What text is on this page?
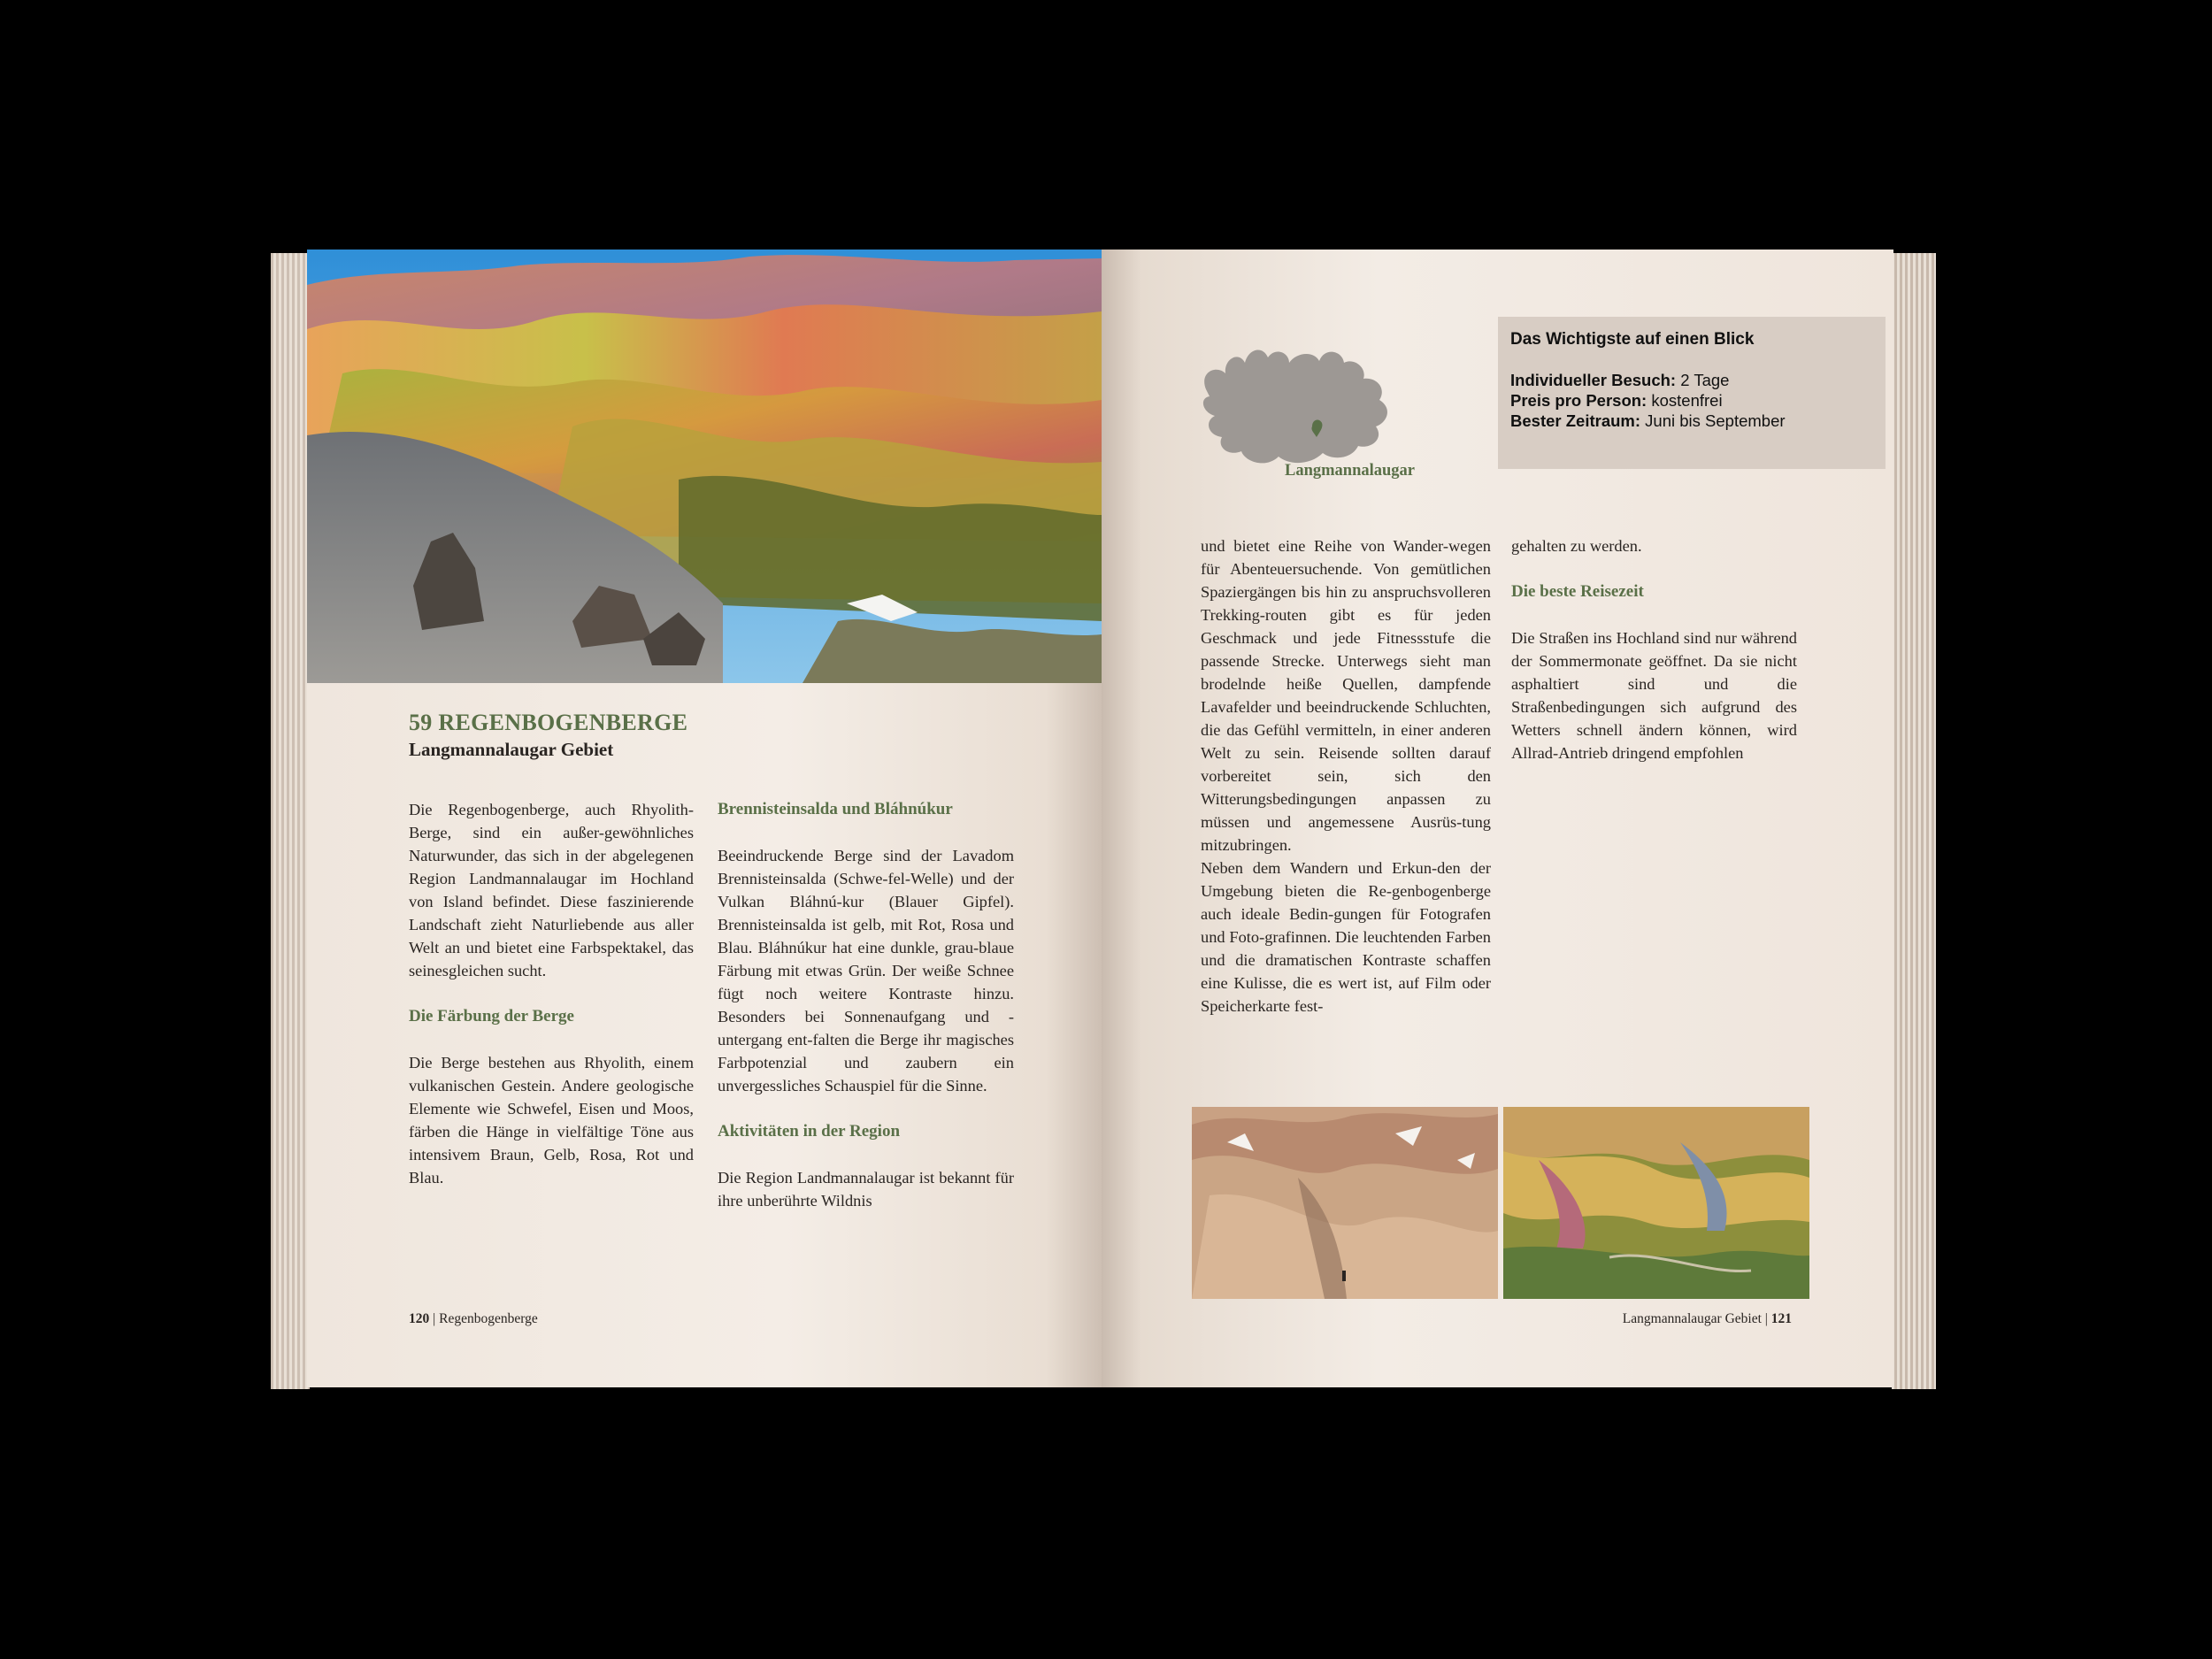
59 REGENBOGENBERGE
Langmannalaugar Gebiet

Die Regenbogenberge, auch Rhyolith-Berge, sind ein außer-gewöhnliches Naturwunder, das sich in der abgelegenen Region Landmannalaugar im Hochland von Island befindet. Diese faszinierende Landschaft zieht Naturliebende aus aller Welt an und bietet eine Farbspektakel, das seinesgleichen sucht.

Die Färbung der Berge

Die Berge bestehen aus Rhyolith, einem vulkanischen Gestein. Andere geologische Elemente wie Schwefel, Eisen und Moos, färben die Hänge in vielfältige Töne aus intensivem Braun, Gelb, Rosa, Rot und Blau.

Brennisteinsalda und Bláhnúkur

Beeindruckende Berge sind der Lavadom Brennisteinsalda (Schwe-fel-Welle) und der Vulkan Bláhnú-kur (Blauer Gipfel). Brennisteinsalda ist gelb, mit Rot, Rosa und Blau. Bláhnúkur hat eine dunkle, grau-blaue Färbung mit etwas Grün. Der weiße Schnee fügt noch weitere Kontraste hinzu. Besonders bei Sonnenaufgang und -untergang ent-falten die Berge ihr magisches Farbpotenzial und zaubern ein unvergessliches Schauspiel für die Sinne.

Aktivitäten in der Region

Die Region Landmannalaugar ist bekannt für ihre unberührte Wildnis

120 | Regenbogenberge
Langmannalaugar
Das Wichtigste auf einen Blick
Individueller Besuch: 2 Tage
Preis pro Person: kostenfrei
Bester Zeitraum: Juni bis September

und bietet eine Reihe von Wander-wegen für Abenteuersuchende. Von gemütlichen Spaziergängen bis hin zu anspruchsvolleren Trekking-routen gibt es für jeden Geschmack und jede Fitnessstufe die passende Strecke. Unterwegs sieht man brodelnde heiße Quellen, dampfende Lavafelder und beeindruckende Schluchten, die das Gefühl vermitteln, in einer anderen Welt zu sein. Reisende sollten darauf vorbereitet sein, sich den Witterungsbedingungen anpassen zu müssen und angemessene Ausrüs-tung mitzubringen.

Neben dem Wandern und Erkun-den der Umgebung bieten die Re-genbogenberge auch ideale Bedin-gungen für Fotografen und Foto-grafinnen. Die leuchtenden Farben und die dramatischen Kontraste schaffen eine Kulisse, die es wert ist, auf Film oder Speicherkarte fest-

gehalten zu werden.

Die beste Reisezeit

Die Straßen ins Hochland sind nur während der Sommermonate geöffnet. Da sie nicht asphaltiert sind und die Straßenbedingungen sich aufgrund des Wetters schnell ändern können, wird Allrad-Antrieb dringend empfohlen

Langmannalaugar Gebiet | 121
